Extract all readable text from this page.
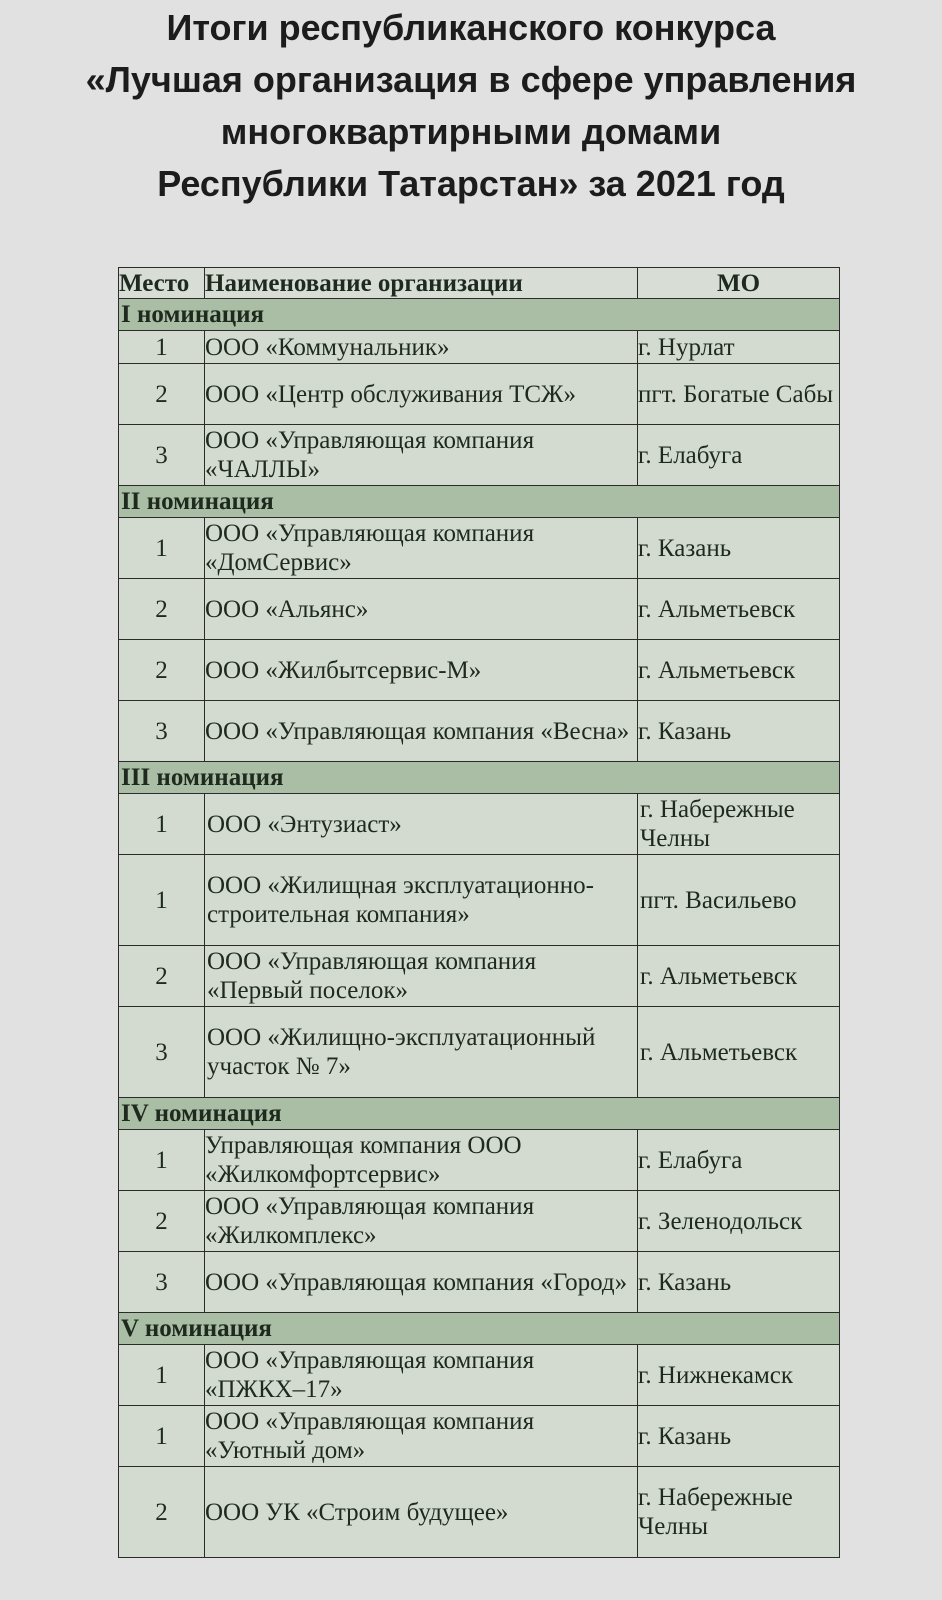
Итоги республиканского конкурса
«Лучшая организация в сфере управления
многоквартирными домами
Республики Татарстан» за 2021 год
Место	Наименование организации	МО
I номинация		
1	ООО «Коммунальник»	г. Нурлат
2	ООО «Центр обслуживания ТСЖ»	пгт. Богатые Сабы
3	ООО «Управляющая компания «ЧАЛЛЫ»	г. Елабуга
II номинация		
1	ООО «Управляющая компания «ДомСервис»	г. Казань
2	ООО «Альянс»	г. Альметьевск
2	ООО «Жилбытсервис-М»	г. Альметьевск
3	ООО «Управляющая компания «Весна»	г. Казань
III номинация		
1	ООО «Энтузиаст»	г. Набережные Челны
1	ООО «Жилищная эксплуатационно-строительная компания»	пгт. Васильево
2	ООО «Управляющая компания «Первый поселок»	г. Альметьевск
3	ООО «Жилищно-эксплуатационный участок № 7»	г. Альметьевск
IV номинация		
1	Управляющая компания ООО «Жилкомфортсервис»	г. Елабуга
2	ООО «Управляющая компания «Жилкомплекс»	г. Зеленодольск
3	ООО «Управляющая компания «Город»	г. Казань
V номинация		
1	ООО «Управляющая компания «ПЖКХ–17»	г. Нижнекамск
1	ООО «Управляющая компания «Уютный дом»	г. Казань
2	ООО УК «Строим будущее»	г. Набережные Челны
